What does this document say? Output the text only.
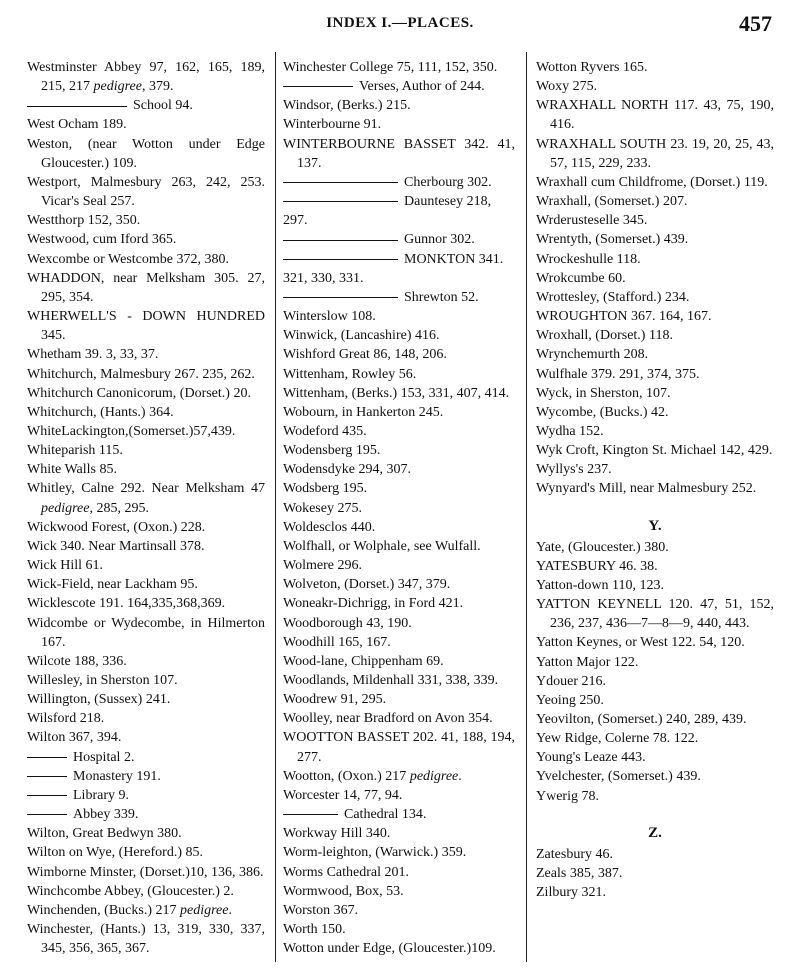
INDEX I.—PLACES.	457
Westminster Abbey 97, 162, 165, 189, 215, 217 pedigree, 379.
School 94.
West Ocham 189.
Weston, (near Wotton under Edge Gloucester.) 109.
Westport, Malmesbury 263, 242, 253. Vicar's Seal 257.
Westthorp 152, 350.
Westwood, cum Iford 365.
Wexcombe or Westcombe 372, 380.
WHADDON, near Melksham 305. 27, 295, 354.
WHERWELL'S - DOWN HUNDRED 345.
Whetham 39. 3, 33, 37.
Whitchurch, Malmesbury 267. 235, 262.
Whitchurch Canonicorum, (Dorset.) 20.
Whitchurch, (Hants.) 364.
WhiteLackington,(Somerset.)57,439.
Whiteparish 115.
White Walls 85.
Whitley, Calne 292. Near Melksham 47 pedigree, 285, 295.
Wickwood Forest, (Oxon.) 228.
Wick 340. Near Martinsall 378.
Wick Hill 61.
Wick-Field, near Lackham 95.
Wicklescote 191. 164,335,368,369.
Widcombe or Wydecombe, in Hilmerton 167.
Wilcote 188, 336.
Willesley, in Sherston 107.
Willington, (Sussex) 241.
Wilsford 218.
Wilton 367, 394.
Hospital 2.
Monastery 191.
Library 9.
Abbey 339.
Wilton, Great Bedwyn 380.
Wilton on Wye, (Hereford.) 85.
Wimborne Minster, (Dorset.)10, 136, 386.
Winchcombe Abbey, (Gloucester.) 2.
Winchenden, (Bucks.) 217 pedigree.
Winchester, (Hants.) 13, 319, 330, 337, 345, 356, 365, 367.
Winchester College 75, 111, 152, 350.
Verses, Author of 244.
Windsor, (Berks.) 215.
Winterbourne 91.
WINTERBOURNE BASSET 342. 41, 137.
Cherbourg 302.
Dauntesey 218, 297.
Gunnor 302.
MONKTON 341. 321, 330, 331.
Shrewton 52.
Winterslow 108.
Winwick, (Lancashire) 416.
Wishford Great 86, 148, 206.
Wittenham, Rowley 56.
Wittenham, (Berks.) 153, 331, 407, 414.
Wobourn, in Hankerton 245.
Wodeford 435.
Wodensberg 195.
Wodensdyke 294, 307.
Wodsberg 195.
Wokesey 275.
Woldesclos 440.
Wolfhall, or Wolphale, see Wulfall.
Wolmere 296.
Wolveton, (Dorset.) 347, 379.
Woneakr-Dichrigg, in Ford 421.
Woodborough 43, 190.
Woodhill 165, 167.
Wood-lane, Chippenham 69.
Woodlands, Mildenhall 331, 338, 339.
Woodrew 91, 295.
Woolley, near Bradford on Avon 354.
WOOTTON BASSET 202. 41, 188, 194, 277.
Wootton, (Oxon.) 217 pedigree.
Worcester 14, 77, 94.
Cathedral 134.
Workway Hill 340.
Worm-leighton, (Warwick.) 359.
Worms Cathedral 201.
Wormwood, Box, 53.
Worston 367.
Worth 150.
Wotton under Edge, (Gloucester.)109.
Wotton Ryvers 165.
Woxy 275.
WRAXHALL NORTH 117. 43, 75, 190, 416.
WRAXHALL SOUTH 23. 19, 20, 25, 43, 57, 115, 229, 233.
Wraxhall cum Childfrome, (Dorset.) 119.
Wraxhall, (Somerset.) 207.
Wrderusteselle 345.
Wrentyth, (Somerset.) 439.
Wrockeshulle 118.
Wrokcumbe 60.
Wrottesley, (Stafford.) 234.
WROUGHTON 367. 164, 167.
Wroxhall, (Dorset.) 118.
Wrynchemurth 208.
Wulfhale 379. 291, 374, 375.
Wyck, in Sherston, 107.
Wycombe, (Bucks.) 42.
Wydha 152.
Wyk Croft, Kington St. Michael 142, 429.
Wyllys's 237.
Wynyard's Mill, near Malmesbury 252.
Y.
Yate, (Gloucester.) 380.
YATESBURY 46. 38.
Yatton-down 110, 123.
YATTON KEYNELL 120. 47, 51, 152, 236, 237, 436—7—8—9, 440, 443.
Yatton Keynes, or West 122. 54, 120.
Yatton Major 122.
Ydouer 216.
Yeoing 250.
Yeovilton, (Somerset.) 240, 289, 439.
Yew Ridge, Colerne 78. 122.
Young's Leaze 443.
Yvelchester, (Somerset.) 439.
Ywerig 78.
Z.
Zatesbury 46.
Zeals 385, 387.
Zilbury 321.
